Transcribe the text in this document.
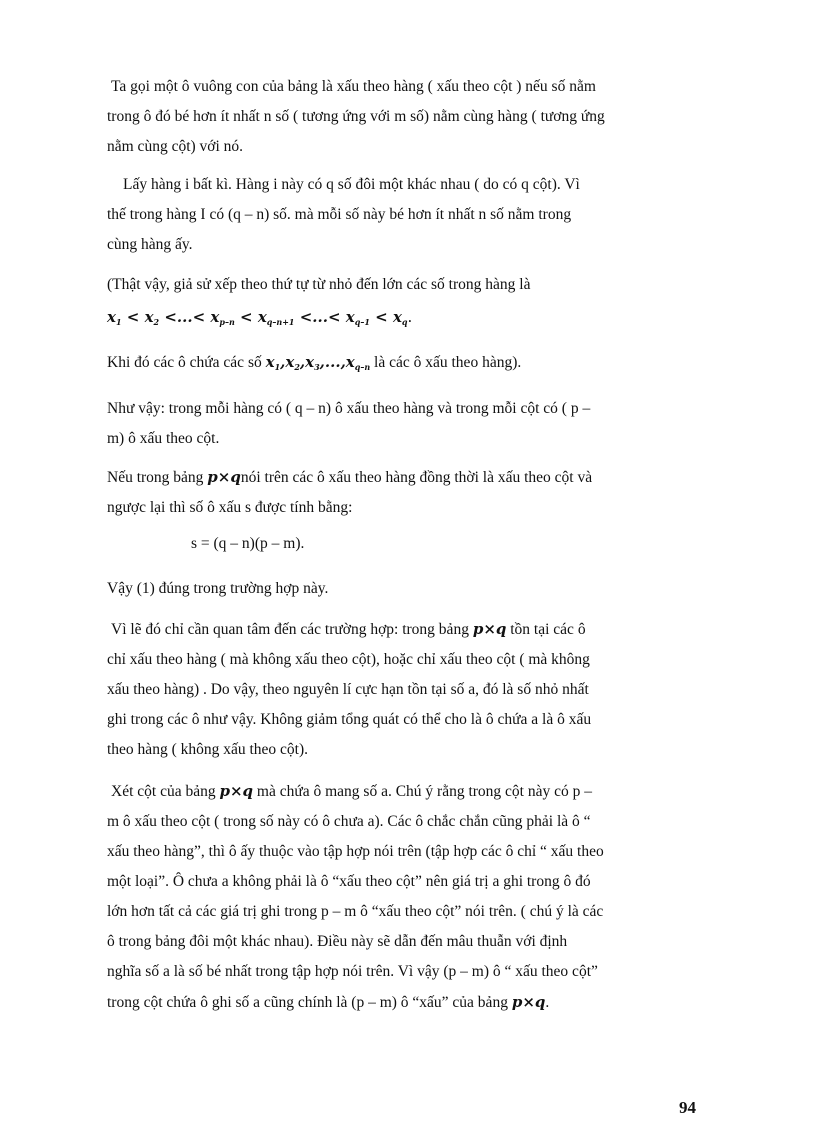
Ta gọi một ô vuông con của bảng là xấu theo hàng ( xấu theo cột ) nếu số nằm
trong ô đó bé hơn ít nhất n số ( tương ứng với m số) nằm cùng hàng ( tương ứng
nằm cùng cột) với nó.
Lấy hàng i bất kì. Hàng i này có q số đôi một khác nhau ( do có q cột). Vì
thế trong hàng I có (q – n) số. mà mỗi số này bé hơn ít nhất n số nằm trong
cùng hàng ấy.
(Thật vậy, giả sử xếp theo thứ tự từ nhỏ đến lớn các số trong hàng là
$x_1 < x_2$ <...< $x_{p-n} < x_{q-n+1}$ <...< $x_{q-1} < x_q$.
Khi đó các ô chứa các số $x_1,x_2,x_3,...,x_{q-n}$ là các ô xấu theo hàng).
Như vậy: trong mỗi hàng có ( q – n) ô xấu theo hàng và trong mỗi cột có ( p –
m) ô xấu theo cột.
Nếu trong bảng p×qnói trên các ô xấu theo hàng đồng thời là xấu theo cột và
ngược lại thì số ô xấu s được tính bằng:
s = (q – n)(p – m).
Vậy (1) đúng trong trường hợp này.
Vì lẽ đó chỉ cần quan tâm đến các trường hợp: trong bảng p×q tồn tại các ô
chỉ xấu theo hàng ( mà không xấu theo cột), hoặc chỉ xấu theo cột ( mà không
xấu theo hàng) . Do vậy, theo nguyên lí cực hạn tồn tại số a, đó là số nhỏ nhất
ghi trong các ô như vậy. Không giảm tổng quát có thể cho là ô chứa a là ô xấu
theo hàng ( không xấu theo cột).
Xét cột của bảng p×q mà chứa ô mang số a. Chú ý rằng trong cột này có p –
m ô xấu theo cột ( trong số này có ô chưa a). Các ô chắc chắn cũng phải là ô “
xấu theo hàng”, thì ô ấy thuộc vào tập hợp nói trên (tập hợp các ô chỉ “ xấu theo
một loại”. Ô chưa a không phải là ô “xấu theo cột” nên giá trị a ghi trong ô đó
lớn hơn tất cả các giá trị ghi trong p – m ô “xấu theo cột” nói trên. ( chú ý là các
ô trong bảng đôi một khác nhau). Điều này sẽ dẫn đến mâu thuẫn với định
nghĩa số a là số bé nhất trong tập hợp nói trên. Vì vậy (p – m) ô “ xấu theo cột”
trong cột chứa ô ghi số a cũng chính là (p – m) ô “xấu” của bảng p×q.
94
